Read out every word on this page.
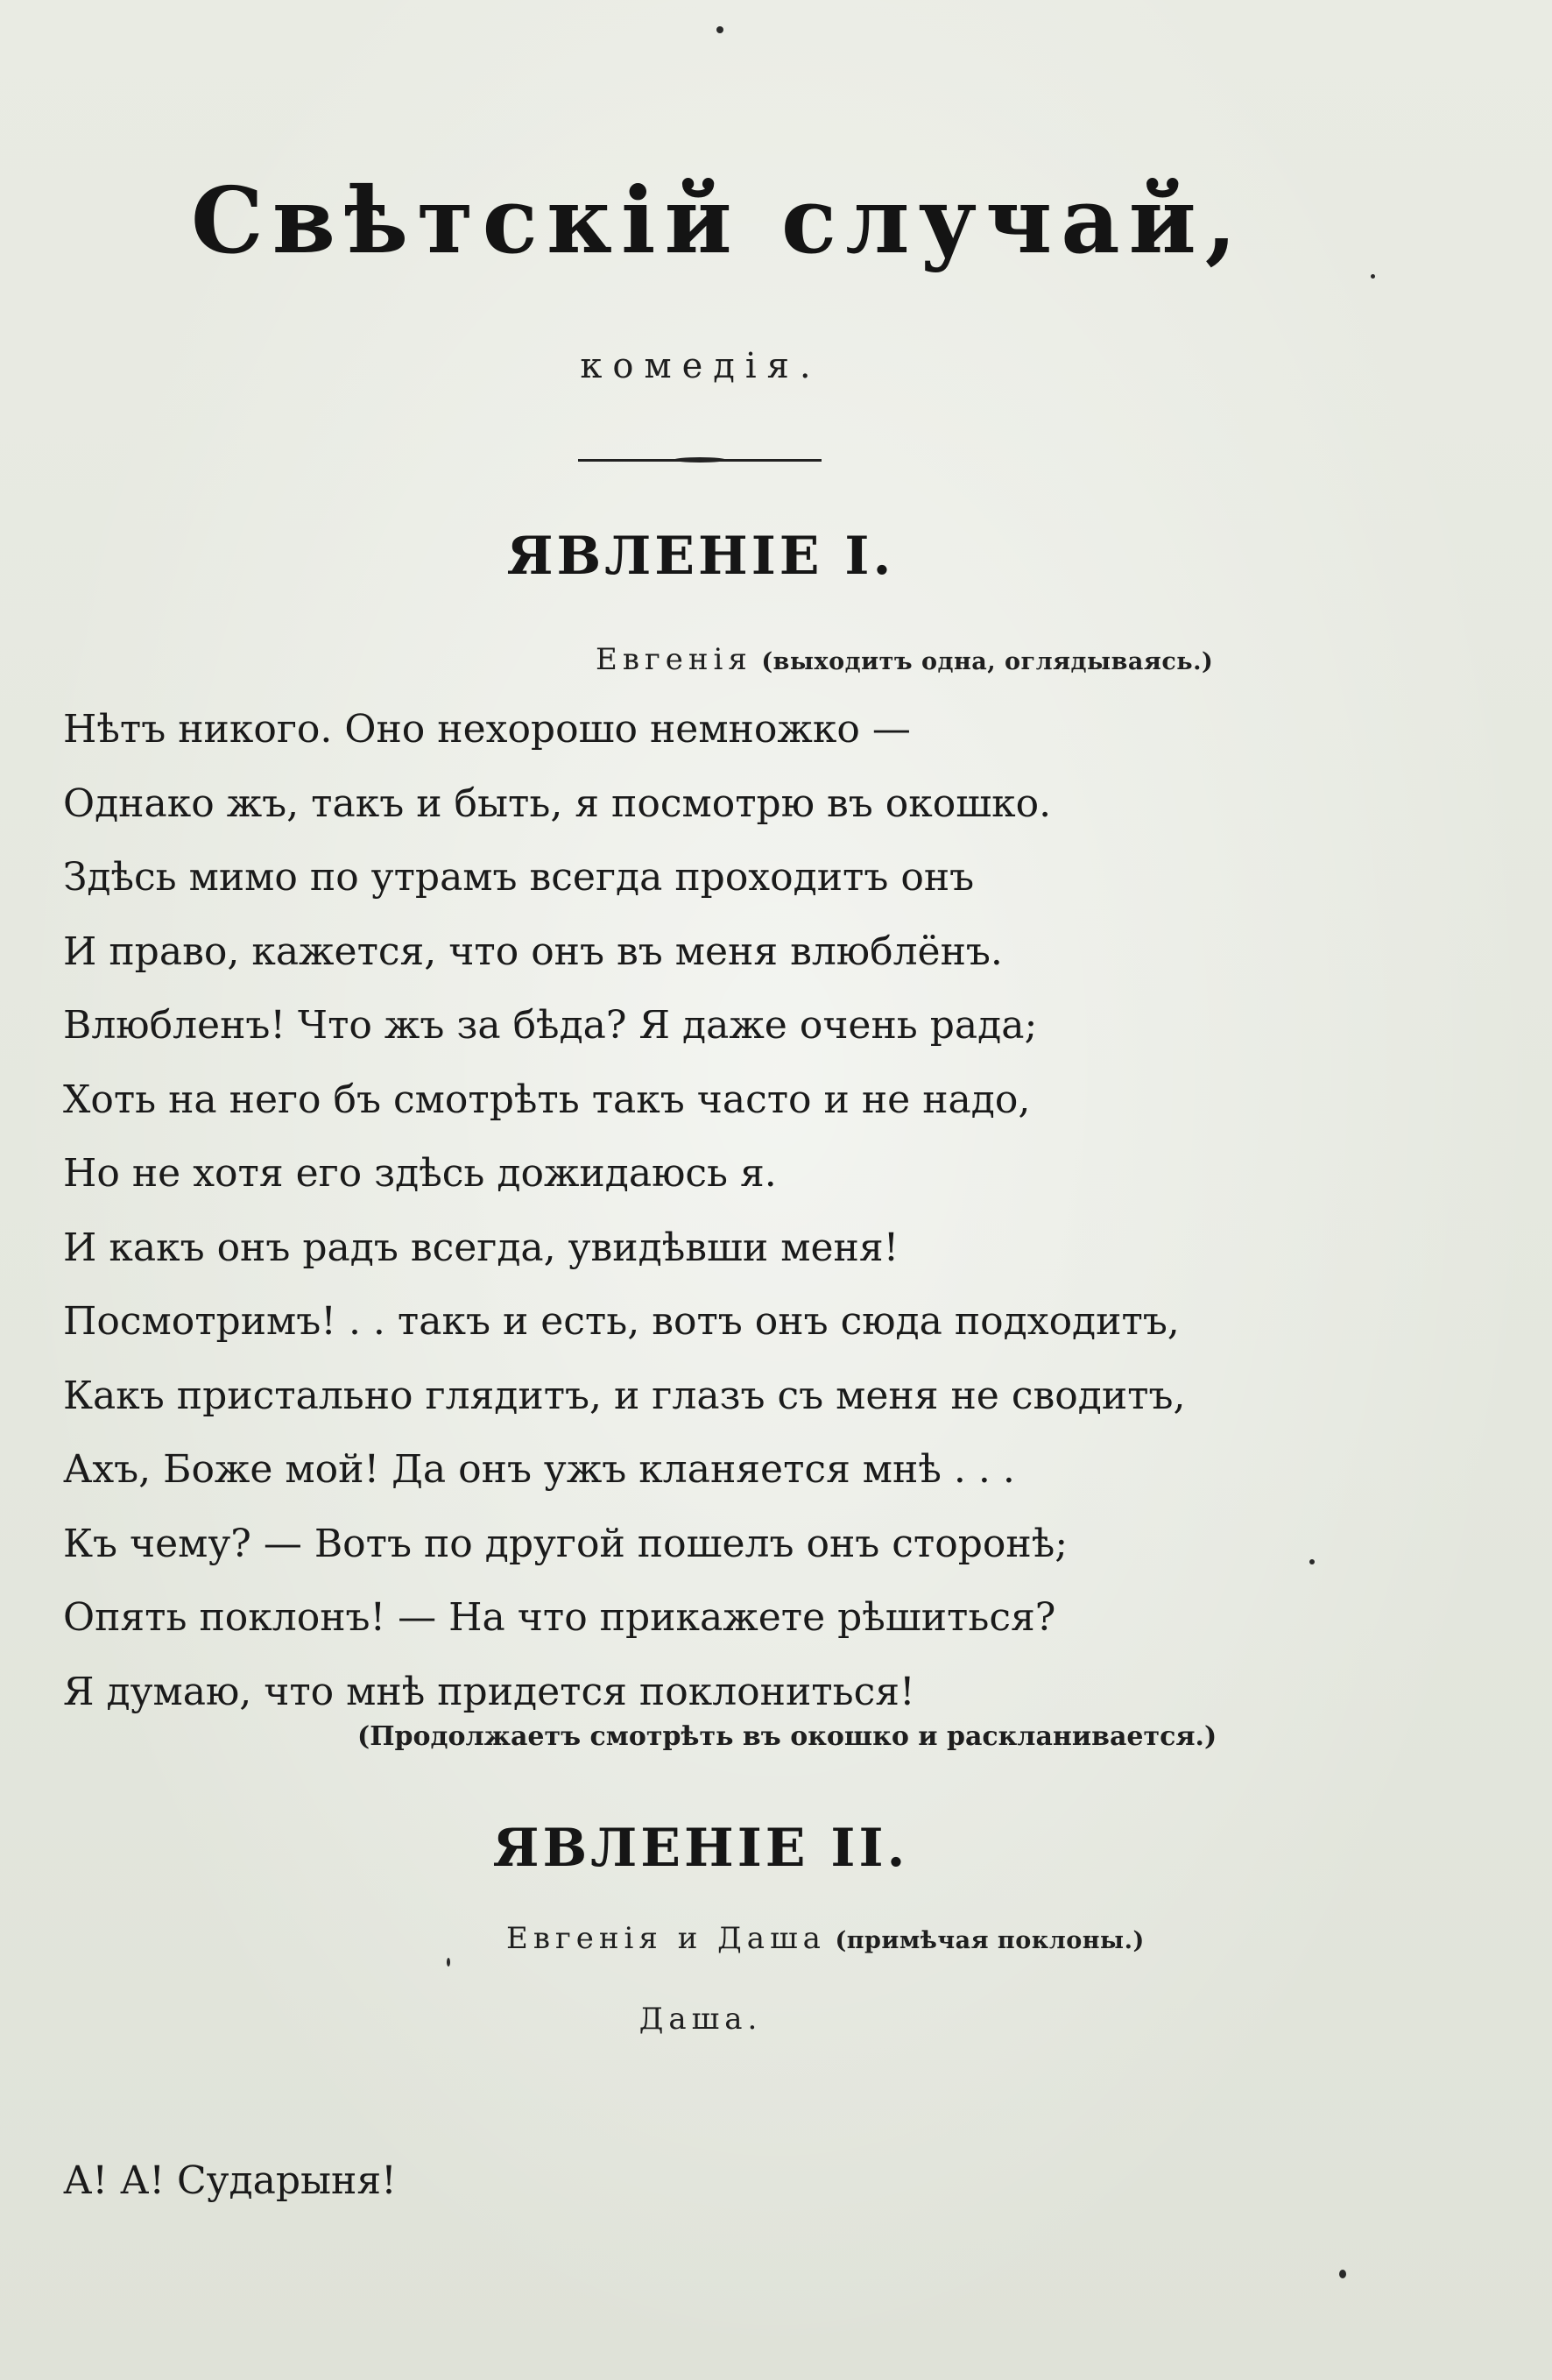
Свѣтскій случай,
комедія.
ЯВЛЕНІЕ I.
Евгенія (выходитъ одна, оглядываясь.)
Нѣтъ никого. Оно нехорошо немножко —
Однако жъ, такъ и быть, я посмотрю въ окошко.
Здѣсь мимо по утрамъ всегда проходитъ онъ
И право, кажется, что онъ въ меня влюблёнъ.
Влюбленъ! Что жъ за бѣда? Я даже очень рада;
Хоть на него бъ смотрѣть такъ часто и не надо,
Но не хотя его здѣсь дожидаюсь я.
И какъ онъ радъ всегда, увидѣвши меня!
Посмотримъ! . . такъ и есть, вотъ онъ сюда подходитъ,
Какъ пристально глядитъ, и глазъ съ меня не сводитъ,
Ахъ, Боже мой! Да онъ ужъ кланяется мнѣ . . .
Къ чему? — Вотъ по другой пошелъ онъ сторонѣ;
Опять поклонъ! — На что прикажете рѣшиться?
Я думаю, что мнѣ придется поклониться!
(Продолжаетъ смотрѣть въ окошко и раскланивается.)
ЯВЛЕНІЕ II.
Евгенія и Даша (примѣчая поклоны.)
Даша.
А! А! Сударыня!
